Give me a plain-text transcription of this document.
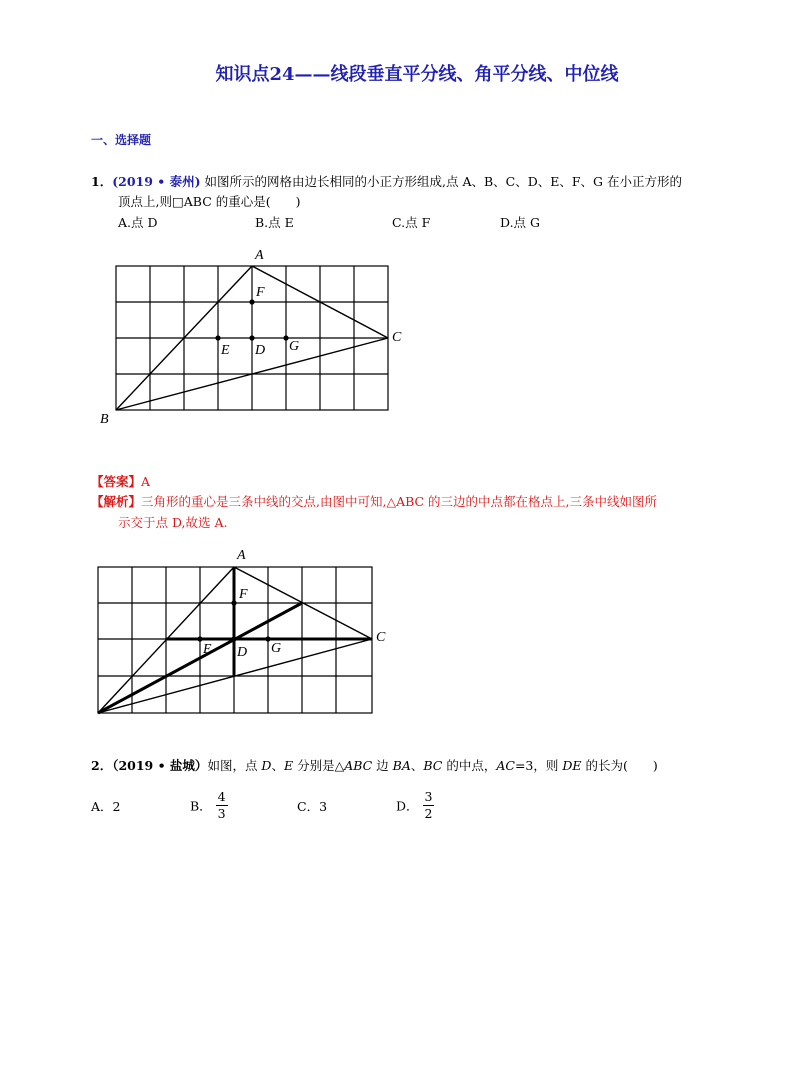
知识点24——线段垂直平分线、角平分线、中位线
一、选择题
1．(2019 • 泰州) 如图所示的网格由边长相同的小正方形组成,点 A、B、C、D、E、F、G 在小正方形的
顶点上,则□ABC 的重心是(　　)
A.点 D	B.点 E	C.点 F	D.点 G
A
B
C
F
E D G
【答案】A
【解析】三角形的重心是三条中线的交点,由图中可知,△ABC 的三边的中点都在格点上,三条中线如图所
示交于点 D,故选 A.
A
C
F
E D G
2．（2019 • 盐城）如图，点 D、E 分别是△ABC 边 BA、BC 的中点，AC=3，则 DE 的长为(　　)
A．2	B． $\frac{4}{3}$	C．3	D． $\frac{3}{2}$
